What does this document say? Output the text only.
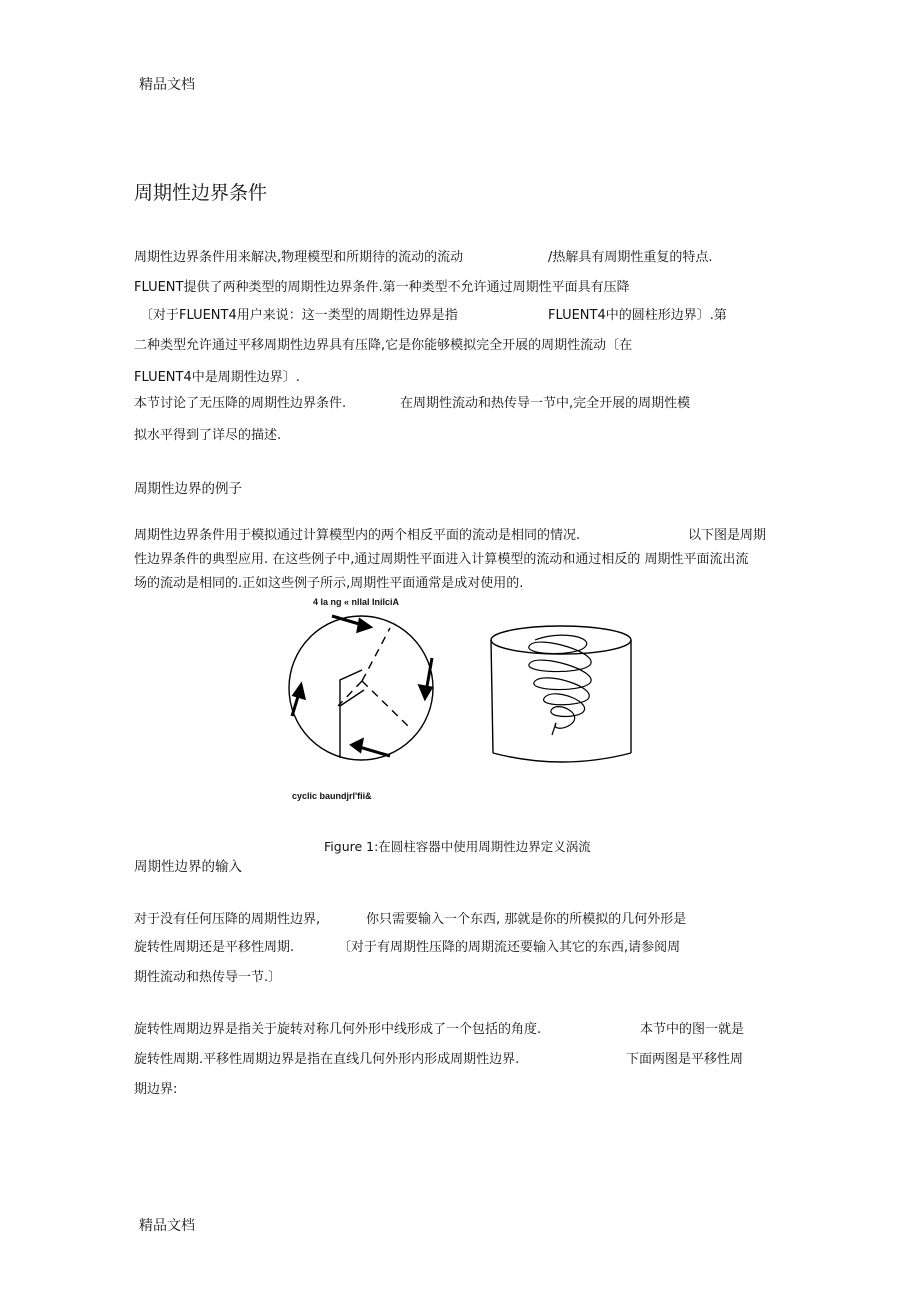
精品文档
周期性边界条件
周期性边界条件用来解决,物理模型和所期待的流动的流动	/热解具有周期性重复的特点.
FLUENT提供了两种类型的周期性边界条件.第一种类型不允许通过周期性平面具有压降
〔对于FLUENT4用户来说：这一类型的周期性边界是指	FLUENT4中的圆柱形边界〕.第
二种类型允许通过平移周期性边界具有压降,它是你能够模拟完全开展的周期性流动〔在
FLUENT4中是周期性边界〕.
本节讨论了无压降的周期性边界条件.	在周期性流动和热传导一节中,完全开展的周期性模
拟水平得到了详尽的描述.
周期性边界的例子
周期性边界条件用于模拟通过计算模型内的两个相反平面的流动是相同的情况.	以下图是周期
性边界条件的典型应用. 在这些例子中,通过周期性平面进入计算模型的流动和通过相反的 周期性平面流出流
场的流动是相同的.正如这些例子所示,周期性平面通常是成对使用的.
4 la ng « nllal InilciA
cyclic baundjrl'fii&
Figure 1:在圆柱容器中使用周期性边界定义涡流
周期性边界的输入
对于没有任何压降的周期性边界,	你只需要输入一个东西, 那就是你的所模拟的几何外形是
旋转性周期还是平移性周期.	〔对于有周期性压降的周期流还要输入其它的东西,请参阅周
期性流动和热传导一节.〕
旋转性周期边界是指关于旋转对称几何外形中线形成了一个包括的角度.	本节中的图一就是
旋转性周期.平移性周期边界是指在直线几何外形内形成周期性边界.	下面两图是平移性周
期边界:
精品文档
